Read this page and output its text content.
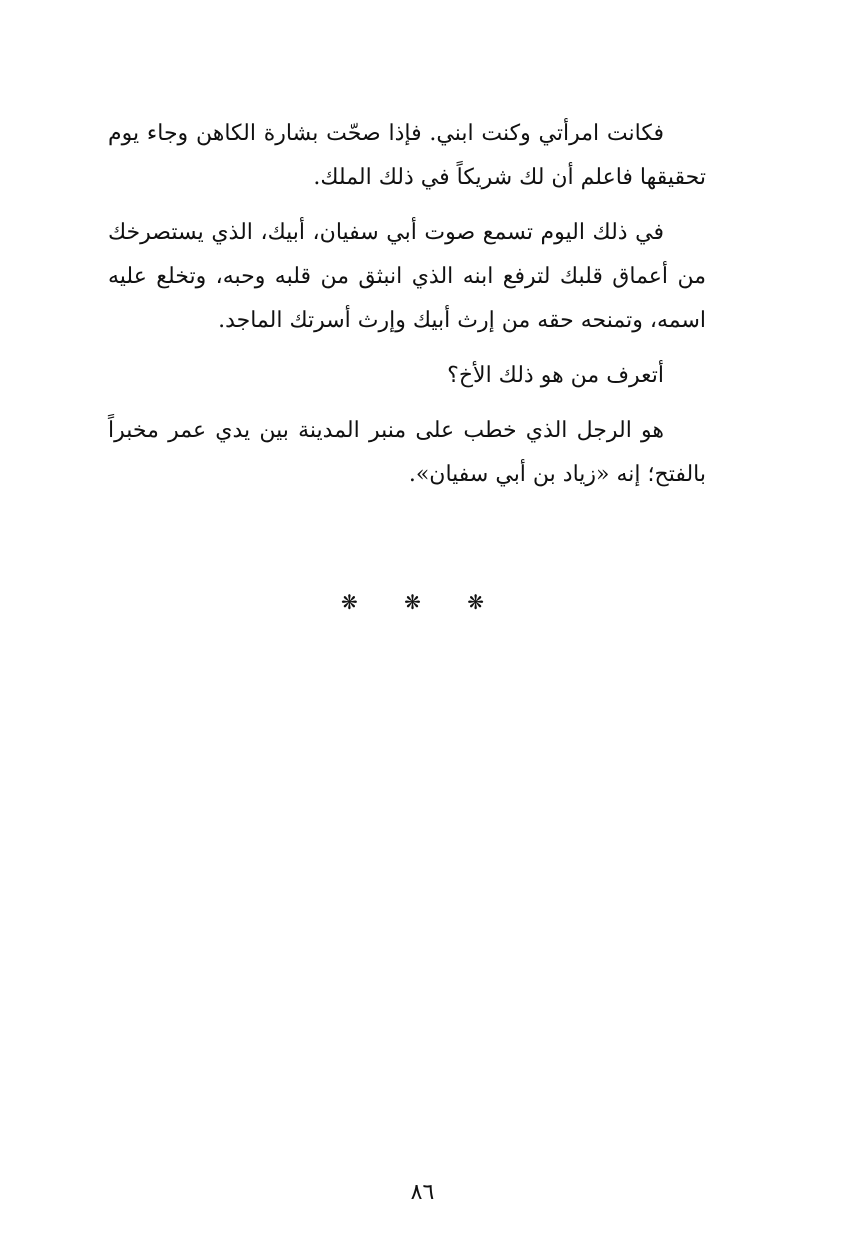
فكانت امرأتي وكنت ابني. فإذا صحّت بشارة الكاهن وجاء يوم تحقيقها فاعلم أن لك شريكاً في ذلك الملك.

في ذلك اليوم تسمع صوت أبي سفيان، أبيك، الذي يستصرخك من أعماق قلبك لترفع ابنه الذي انبثق من قلبه وحبه، وتخلع عليه اسمه، وتمنحه حقه من إرث أبيك وإرث أسرتك الماجد.

أتعرف من هو ذلك الأخ؟

هو الرجل الذي خطب على منبر المدينة بين يدي عمر مخبراً بالفتح؛ إنه «زياد بن أبي سفيان».

❋ ❋ ❋
٨٦
